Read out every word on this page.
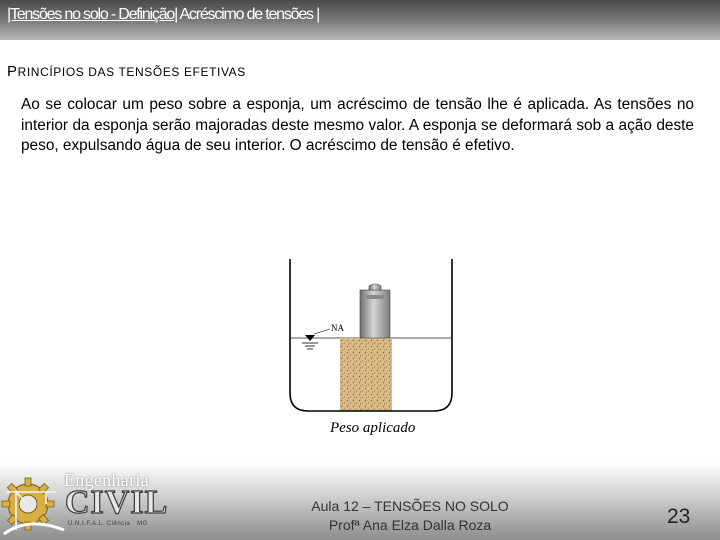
|Tensões no solo - Definição| Acréscimo de tensões |
PRINCÍPIOS DAS TENSÕES EFETIVAS

Ao se colocar um peso sobre a esponja, um acréscimo de tensão lhe é aplicada. As tensões no interior da esponja serão majoradas deste mesmo valor. A esponja se deformará sob a ação deste peso, expulsando água de seu interior. O acréscimo de tensão é efetivo.

NA
Peso aplicado
Engenharia
CIVIL
U.N.I.F.A.L. Ciência · MG
Aula 12 – TENSÕES NO SOLO
Profª Ana Elza Dalla Roza	23
